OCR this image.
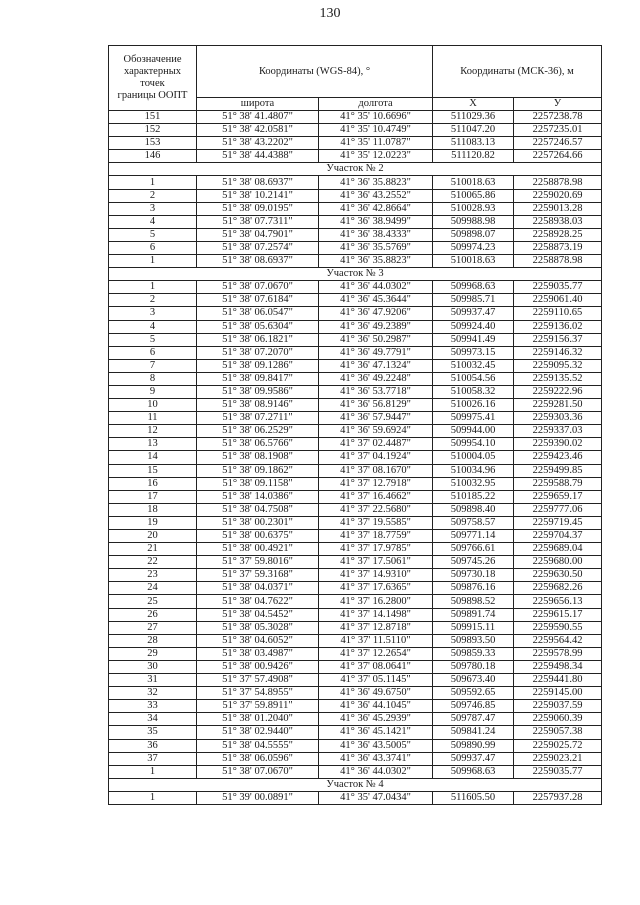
130
Обозначение
характерных
точек
границы ООПТ	Координаты (WGS-84), °		Координаты (МСК-36), м	
	широта	долгота	Х	У
151	51° 38' 41.4807"	41° 35' 10.6696"	511029.36	2257238.78
152	51° 38' 42.0581"	41° 35' 10.4749"	511047.20	2257235.01
153	51° 38' 43.2202"	41° 35' 11.0787"	511083.13	2257246.57
146	51° 38' 44.4388"	41° 35' 12.0223"	511120.82	2257264.66
Участок № 2				
1	51° 38' 08.6937"	41° 36' 35.8823"	510018.63	2258878.98
2	51° 38' 10.2141"	41° 36' 43.2552"	510065.86	2259020.69
3	51° 38' 09.0195"	41° 36' 42.8664"	510028.93	2259013.28
4	51° 38' 07.7311"	41° 36' 38.9499"	509988.98	2258938.03
5	51° 38' 04.7901"	41° 36' 38.4333"	509898.07	2258928.25
6	51° 38' 07.2574"	41° 36' 35.5769"	509974.23	2258873.19
1	51° 38' 08.6937"	41° 36' 35.8823"	510018.63	2258878.98
Участок № 3				
1	51° 38' 07.0670"	41° 36' 44.0302"	509968.63	2259035.77
2	51° 38' 07.6184"	41° 36' 45.3644"	509985.71	2259061.40
3	51° 38' 06.0547"	41° 36' 47.9206"	509937.47	2259110.65
4	51° 38' 05.6304"	41° 36' 49.2389"	509924.40	2259136.02
5	51° 38' 06.1821"	41° 36' 50.2987"	509941.49	2259156.37
6	51° 38' 07.2070"	41° 36' 49.7791"	509973.15	2259146.32
7	51° 38' 09.1286"	41° 36' 47.1324"	510032.45	2259095.32
8	51° 38' 09.8417"	41° 36' 49.2248"	510054.56	2259135.52
9	51° 38' 09.9586"	41° 36' 53.7718"	510058.32	2259222.96
10	51° 38' 08.9146"	41° 36' 56.8129"	510026.16	2259281.50
11	51° 38' 07.2711"	41° 36' 57.9447"	509975.41	2259303.36
12	51° 38' 06.2529"	41° 36' 59.6924"	509944.00	2259337.03
13	51° 38' 06.5766"	41° 37' 02.4487"	509954.10	2259390.02
14	51° 38' 08.1908"	41° 37' 04.1924"	510004.05	2259423.46
15	51° 38' 09.1862"	41° 37' 08.1670"	510034.96	2259499.85
16	51° 38' 09.1158"	41° 37' 12.7918"	510032.95	2259588.79
17	51° 38' 14.0386"	41° 37' 16.4662"	510185.22	2259659.17
18	51° 38' 04.7508"	41° 37' 22.5680"	509898.40	2259777.06
19	51° 38' 00.2301"	41° 37' 19.5585"	509758.57	2259719.45
20	51° 38' 00.6375"	41° 37' 18.7759"	509771.14	2259704.37
21	51° 38' 00.4921"	41° 37' 17.9785"	509766.61	2259689.04
22	51° 37' 59.8016"	41° 37' 17.5061"	509745.26	2259680.00
23	51° 37' 59.3168"	41° 37' 14.9310"	509730.18	2259630.50
24	51° 38' 04.0371"	41° 37' 17.6365"	509876.16	2259682.26
25	51° 38' 04.7622"	41° 37' 16.2800"	509898.52	2259656.13
26	51° 38' 04.5452"	41° 37' 14.1498"	509891.74	2259615.17
27	51° 38' 05.3028"	41° 37' 12.8718"	509915.11	2259590.55
28	51° 38' 04.6052"	41° 37' 11.5110"	509893.50	2259564.42
29	51° 38' 03.4987"	41° 37' 12.2654"	509859.33	2259578.99
30	51° 38' 00.9426"	41° 37' 08.0641"	509780.18	2259498.34
31	51° 37' 57.4908"	41° 37' 05.1145"	509673.40	2259441.80
32	51° 37' 54.8955"	41° 36' 49.6750"	509592.65	2259145.00
33	51° 37' 59.8911"	41° 36' 44.1045"	509746.85	2259037.59
34	51° 38' 01.2040"	41° 36' 45.2939"	509787.47	2259060.39
35	51° 38' 02.9440"	41° 36' 45.1421"	509841.24	2259057.38
36	51° 38' 04.5555"	41° 36' 43.5005"	509890.99	2259025.72
37	51° 38' 06.0596"	41° 36' 43.3741"	509937.47	2259023.21
1	51° 38' 07.0670"	41° 36' 44.0302"	509968.63	2259035.77
Участок № 4				
1	51° 39' 00.0891"	41° 35' 47.0434"	511605.50	2257937.28
